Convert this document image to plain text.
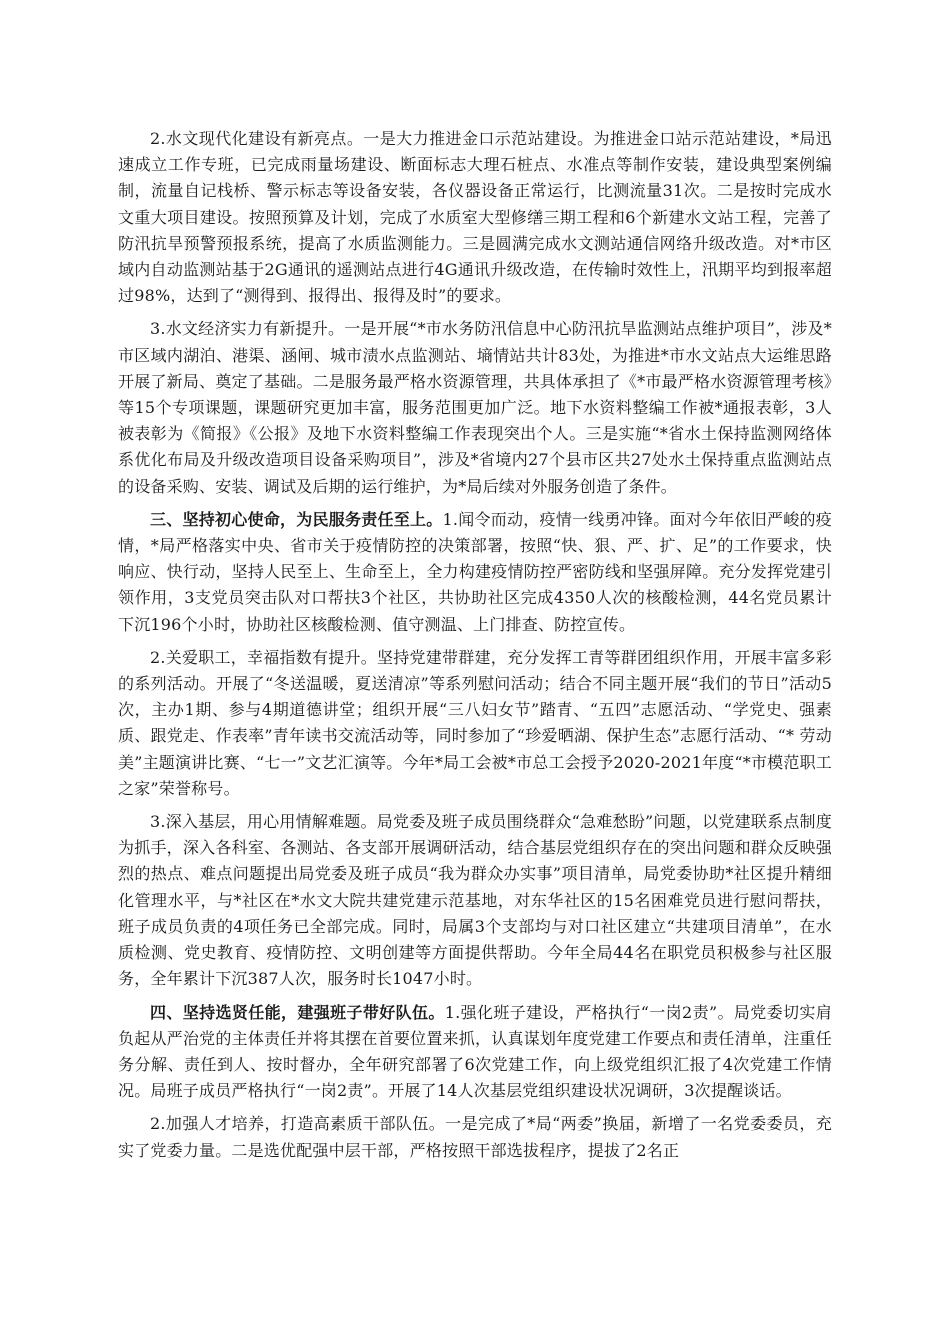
2.水文现代化建设有新亮点。一是大力推进金口示范站建设。为推进金口站示范站建设，*局迅速成立工作专班，已完成雨量场建设、断面标志大理石桩点、水准点等制作安装，建设典型案例编制，流量自记栈桥、警示标志等设备安装，各仪器设备正常运行，比测流量31次。二是按时完成水文重大项目建设。按照预算及计划，完成了水质室大型修缮三期工程和6个新建水文站工程，完善了防汛抗旱预警预报系统，提高了水质监测能力。三是圆满完成水文测站通信网络升级改造。对*市区域内自动监测站基于2G通讯的遥测站点进行4G通讯升级改造，在传输时效性上，汛期平均到报率超过98%，达到了“测得到、报得出、报得及时”的要求。

3.水文经济实力有新提升。一是开展“*市水务防汛信息中心防汛抗旱监测站点维护项目”，涉及*市区域内湖泊、港渠、涵闸、城市渍水点监测站、墒情站共计83处，为推进*市水文站点大运维思路开展了新局、奠定了基础。二是服务最严格水资源管理，共具体承担了《*市最严格水资源管理考核》等15个专项课题，课题研究更加丰富，服务范围更加广泛。地下水资料整编工作被*通报表彰，3人被表彰为《简报》《公报》及地下水资料整编工作表现突出个人。三是实施“*省水土保持监测网络体系优化布局及升级改造项目设备采购项目”，涉及*省境内27个县市区共27处水土保持重点监测站点的设备采购、安装、调试及后期的运行维护，为*局后续对外服务创造了条件。

三、坚持初心使命，为民服务责任至上。1.闻令而动，疫情一线勇冲锋。面对今年依旧严峻的疫情，*局严格落实中央、省市关于疫情防控的决策部署，按照“快、狠、严、扩、足”的工作要求，快响应、快行动，坚持人民至上、生命至上，全力构建疫情防控严密防线和坚强屏障。充分发挥党建引领作用，3支党员突击队对口帮扶3个社区，共协助社区完成4350人次的核酸检测，44名党员累计下沉196个小时，协助社区核酸检测、值守测温、上门排查、防控宣传。

2.关爱职工，幸福指数有提升。坚持党建带群建，充分发挥工青等群团组织作用，开展丰富多彩的系列活动。开展了“冬送温暖，夏送清凉”等系列慰问活动；结合不同主题开展“我们的节日”活动5次，主办1期、参与4期道德讲堂；组织开展“三八妇女节”踏青、“五四”志愿活动、“学党史、强素质、跟党走、作表率”青年读书交流活动等，同时参加了“珍爱晒湖、保护生态”志愿行活动、“* 劳动美”主题演讲比赛、“七一”文艺汇演等。今年*局工会被*市总工会授予2020-2021年度“*市模范职工之家”荣誉称号。

3.深入基层，用心用情解难题。局党委及班子成员围绕群众“急难愁盼”问题，以党建联系点制度为抓手，深入各科室、各测站、各支部开展调研活动，结合基层党组织存在的突出问题和群众反映强烈的热点、难点问题提出局党委及班子成员“我为群众办实事”项目清单，局党委协助*社区提升精细化管理水平，与*社区在*水文大院共建党建示范基地，对东华社区的15名困难党员进行慰问帮扶，班子成员负责的4项任务已全部完成。同时，局属3个支部均与对口社区建立“共建项目清单”，在水质检测、党史教育、疫情防控、文明创建等方面提供帮助。今年全局44名在职党员积极参与社区服务，全年累计下沉387人次，服务时长1047小时。

四、坚持选贤任能，建强班子带好队伍。1.强化班子建设，严格执行“一岗2责”。局党委切实肩负起从严治党的主体责任并将其摆在首要位置来抓，认真谋划年度党建工作要点和责任清单，注重任务分解、责任到人、按时督办，全年研究部署了6次党建工作，向上级党组织汇报了4次党建工作情况。局班子成员严格执行“一岗2责”。开展了14人次基层党组织建设状况调研，3次提醒谈话。

2.加强人才培养，打造高素质干部队伍。一是完成了*局“两委”换届，新增了一名党委委员，充实了党委力量。二是选优配强中层干部，严格按照干部选拔程序，提拔了2名正
